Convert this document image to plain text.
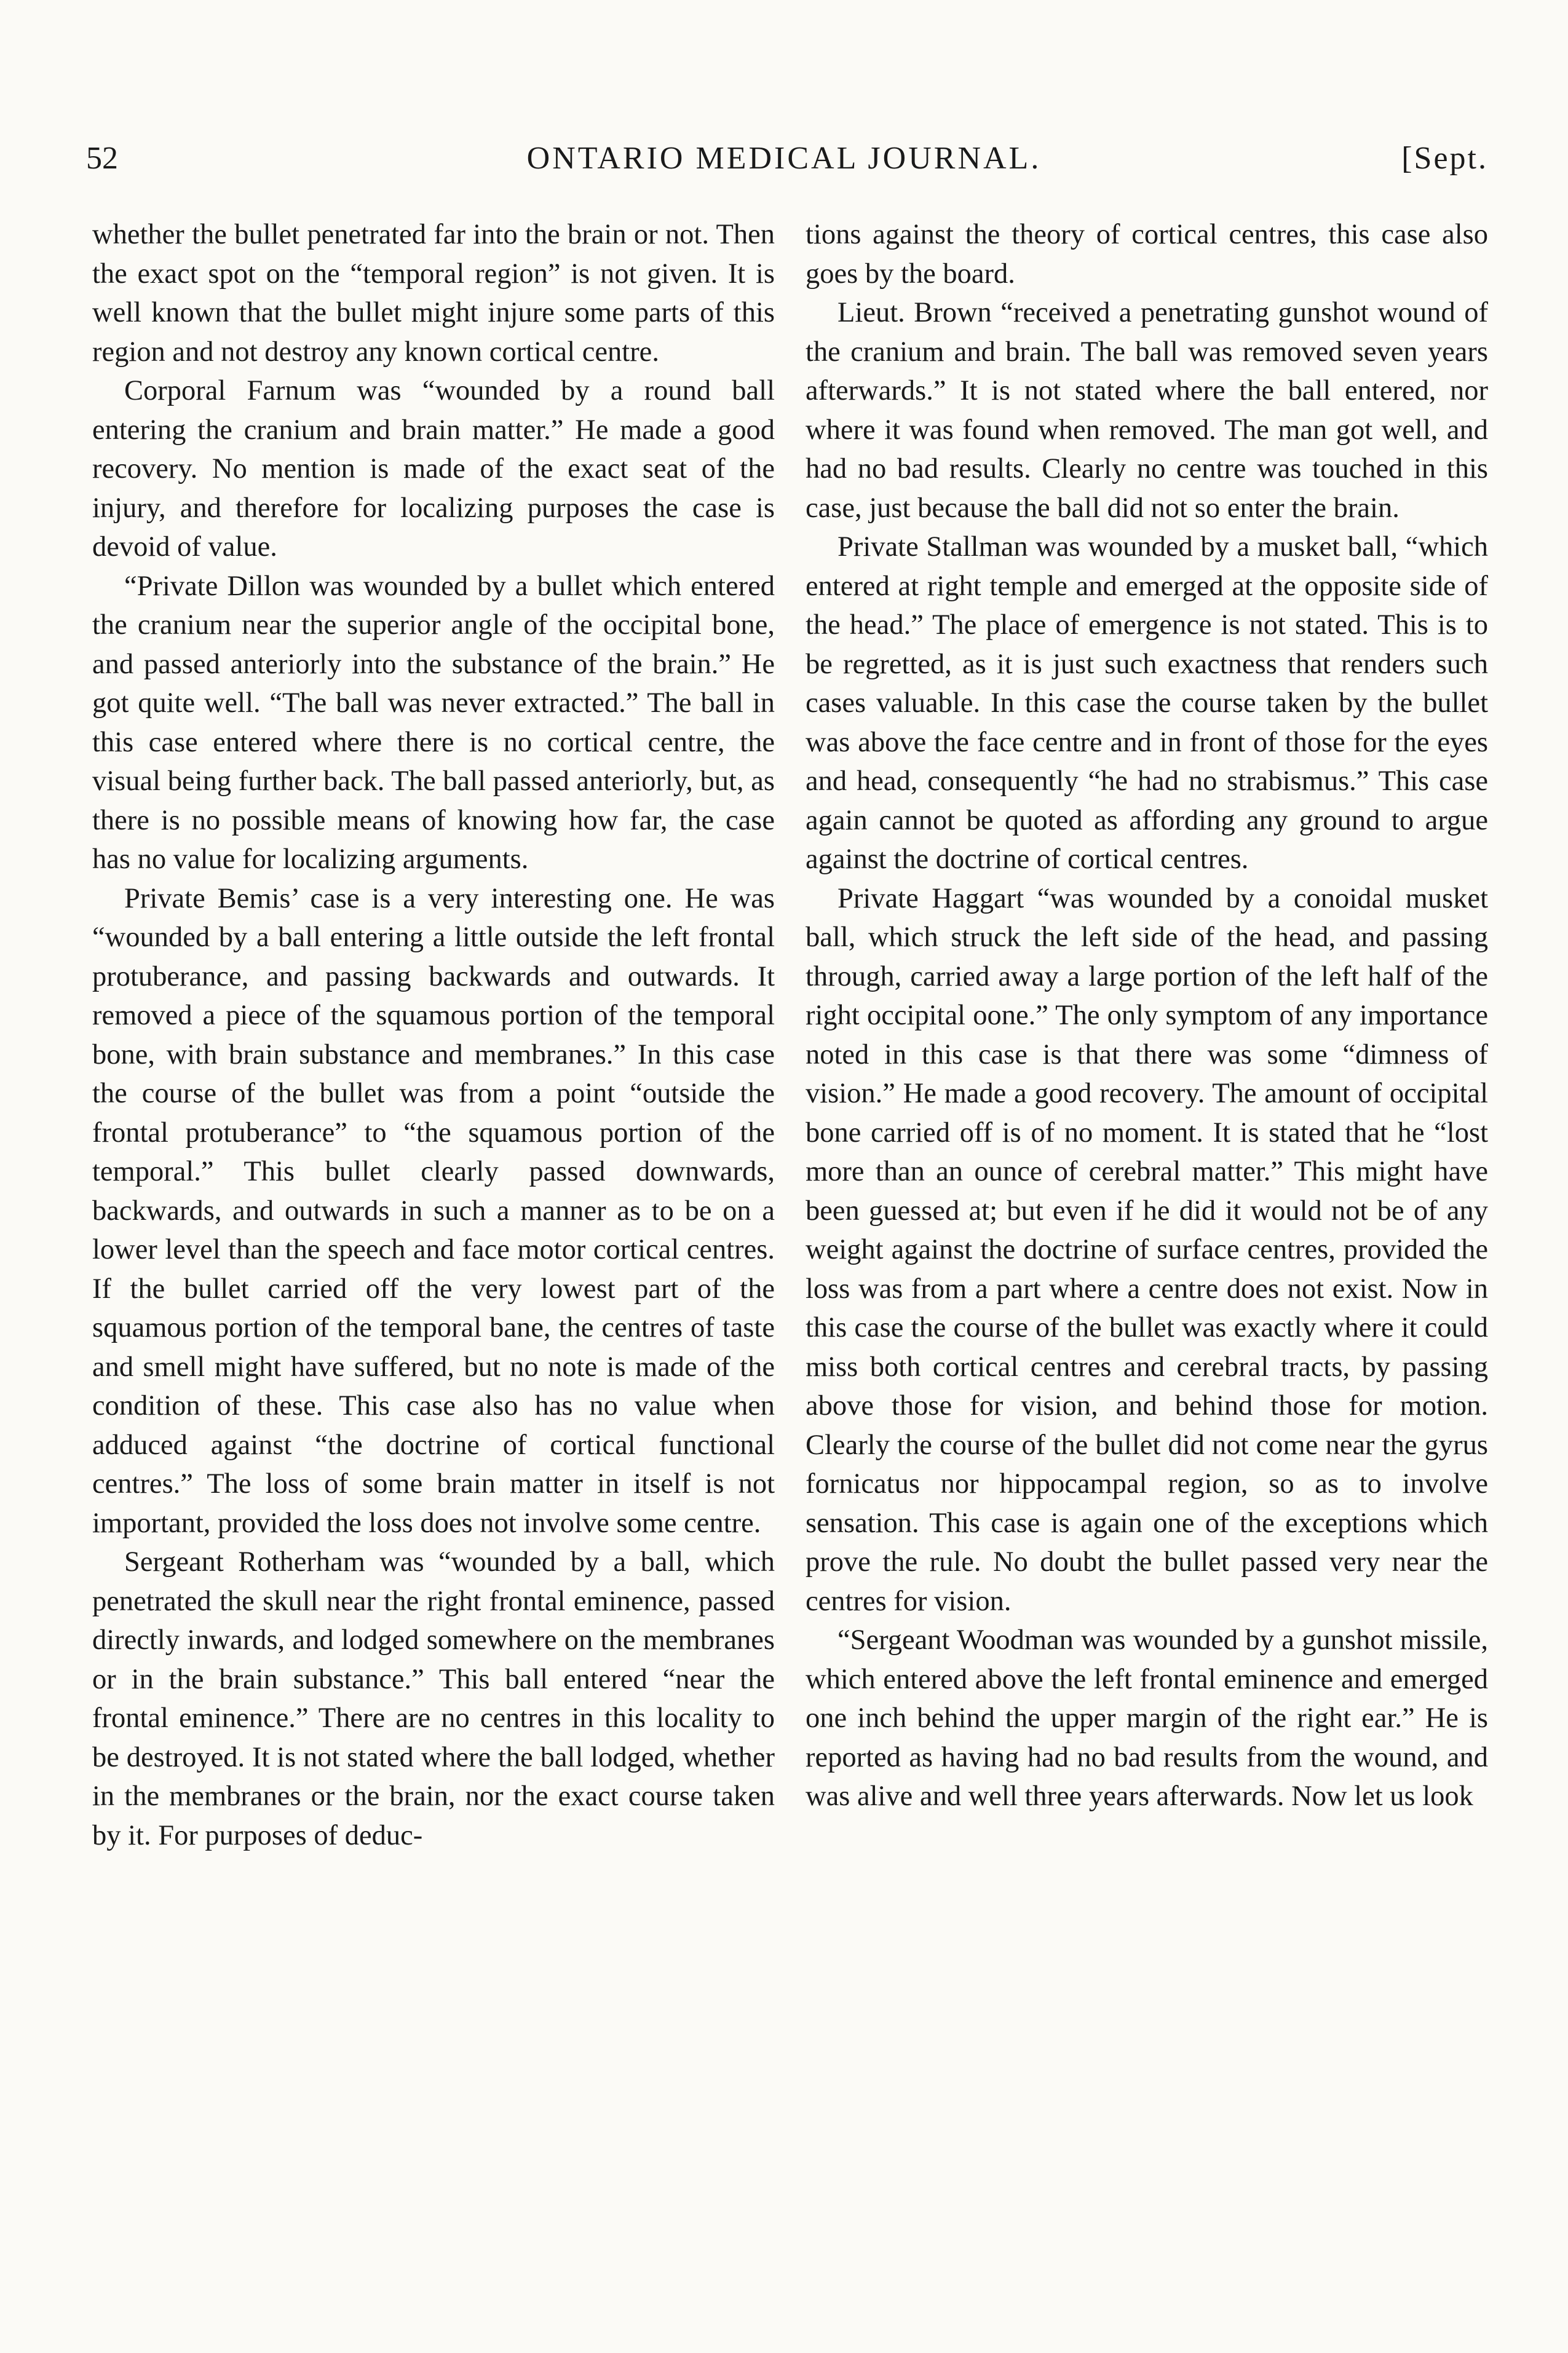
52	ONTARIO MEDICAL JOURNAL.	[Sept.

whether the bullet penetrated far into the brain or not. Then the exact spot on the “temporal region” is not given. It is well known that the bullet might injure some parts of this region and not destroy any known cortical centre.

Corporal Farnum was “wounded by a round ball entering the cranium and brain matter.” He made a good recovery. No mention is made of the exact seat of the injury, and therefore for localizing purposes the case is devoid of value.

“Private Dillon was wounded by a bullet which entered the cranium near the superior angle of the occipital bone, and passed anteriorly into the substance of the brain.” He got quite well. “The ball was never extracted.” The ball in this case entered where there is no cortical centre, the visual being further back. The ball passed anteriorly, but, as there is no possible means of knowing how far, the case has no value for localizing arguments.

Private Bemis’ case is a very interesting one. He was “wounded by a ball entering a little outside the left frontal protuberance, and passing backwards and outwards. It removed a piece of the squamous portion of the temporal bone, with brain substance and membranes.” In this case the course of the bullet was from a point “outside the frontal protuberance” to “the squamous portion of the temporal.” This bullet clearly passed downwards, backwards, and outwards in such a manner as to be on a lower level than the speech and face motor cortical centres. If the bullet carried off the very lowest part of the squamous portion of the temporal bane, the centres of taste and smell might have suffered, but no note is made of the condition of these. This case also has no value when adduced against “the doctrine of cortical functional centres.” The loss of some brain matter in itself is not important, provided the loss does not involve some centre.

Sergeant Rotherham was “wounded by a ball, which penetrated the skull near the right frontal eminence, passed directly inwards, and lodged somewhere on the membranes or in the brain substance.” This ball entered “near the frontal eminence.” There are no centres in this locality to be destroyed. It is not stated where the ball lodged, whether in the membranes or the brain, nor the exact course taken by it. For purposes of deduc-

tions against the theory of cortical centres, this case also goes by the board.

Lieut. Brown “received a penetrating gunshot wound of the cranium and brain. The ball was removed seven years afterwards.” It is not stated where the ball entered, nor where it was found when removed. The man got well, and had no bad results. Clearly no centre was touched in this case, just because the ball did not so enter the brain.

Private Stallman was wounded by a musket ball, “which entered at right temple and emerged at the opposite side of the head.” The place of emergence is not stated. This is to be regretted, as it is just such exactness that renders such cases valuable. In this case the course taken by the bullet was above the face centre and in front of those for the eyes and head, consequently “he had no strabismus.” This case again cannot be quoted as affording any ground to argue against the doctrine of cortical centres.

Private Haggart “was wounded by a conoidal musket ball, which struck the left side of the head, and passing through, carried away a large portion of the left half of the right occipital oone.” The only symptom of any importance noted in this case is that there was some “dimness of vision.” He made a good recovery. The amount of occipital bone carried off is of no moment. It is stated that he “lost more than an ounce of cerebral matter.” This might have been guessed at; but even if he did it would not be of any weight against the doctrine of surface centres, provided the loss was from a part where a centre does not exist. Now in this case the course of the bullet was exactly where it could miss both cortical centres and cerebral tracts, by passing above those for vision, and behind those for motion. Clearly the course of the bullet did not come near the gyrus fornicatus nor hippocampal region, so as to involve sensation. This case is again one of the exceptions which prove the rule. No doubt the bullet passed very near the centres for vision.

“Sergeant Woodman was wounded by a gunshot missile, which entered above the left frontal eminence and emerged one inch behind the upper margin of the right ear.” He is reported as having had no bad results from the wound, and was alive and well three years afterwards. Now let us look
